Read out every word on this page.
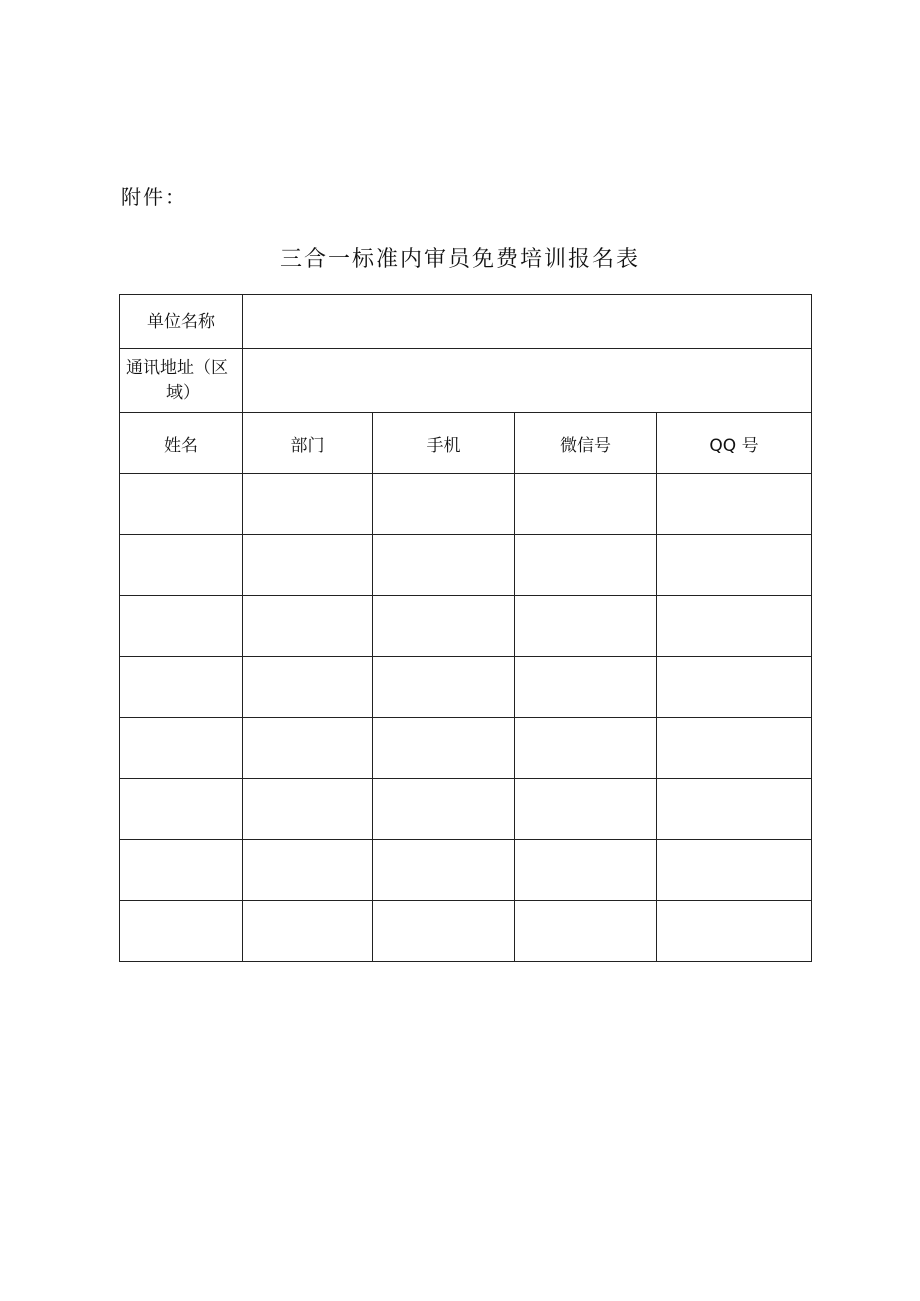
附件：
三合一标准内审员免费培训报名表
单位名称				

通讯地址（区
域）				

姓名	部门	手机	微信号	QQ 号
